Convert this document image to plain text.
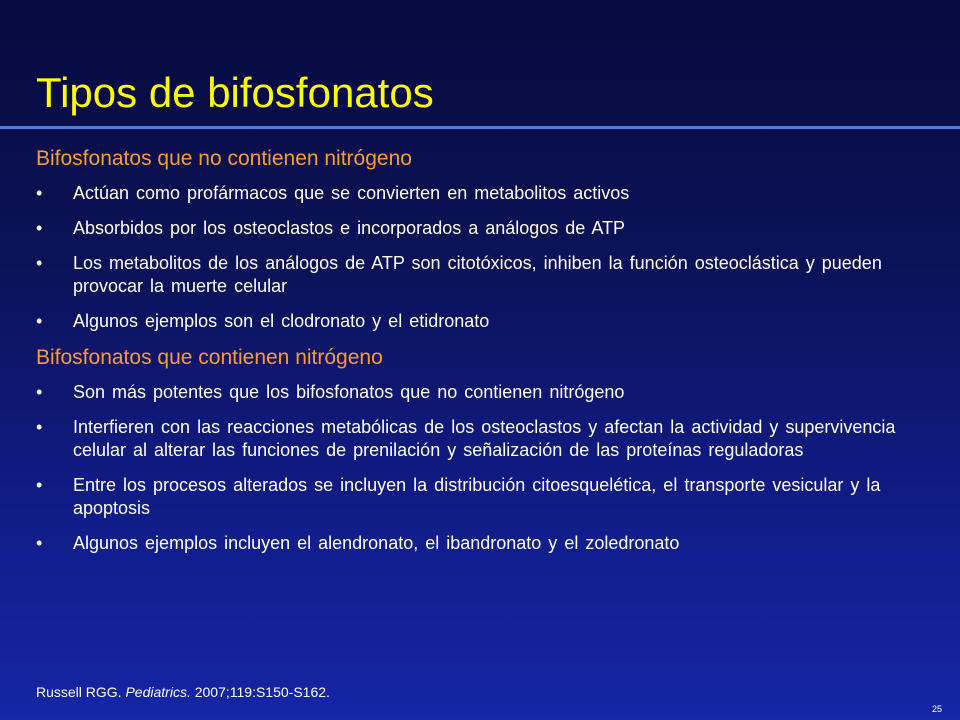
Tipos de bifosfonatos
Bifosfonatos que no contienen nitrógeno
• Actúan como profármacos que se convierten en metabolitos activos
• Absorbidos por los osteoclastos e incorporados a análogos de ATP
• Los metabolitos de los análogos de ATP son citotóxicos, inhiben la función osteoclástica y pueden provocar la muerte celular
• Algunos ejemplos son el clodronato y el etidronato
Bifosfonatos que contienen nitrógeno
• Son más potentes que los bifosfonatos que no contienen nitrógeno
• Interfieren con las reacciones metabólicas de los osteoclastos y afectan la actividad y supervivencia celular al alterar las funciones de prenilación y señalización de las proteínas reguladoras
• Entre los procesos alterados se incluyen la distribución citoesquelética, el transporte vesicular y la apoptosis
• Algunos ejemplos incluyen el alendronato, el ibandronato y el zoledronato
Russell RGG. Pediatrics. 2007;119:S150-S162.
25
